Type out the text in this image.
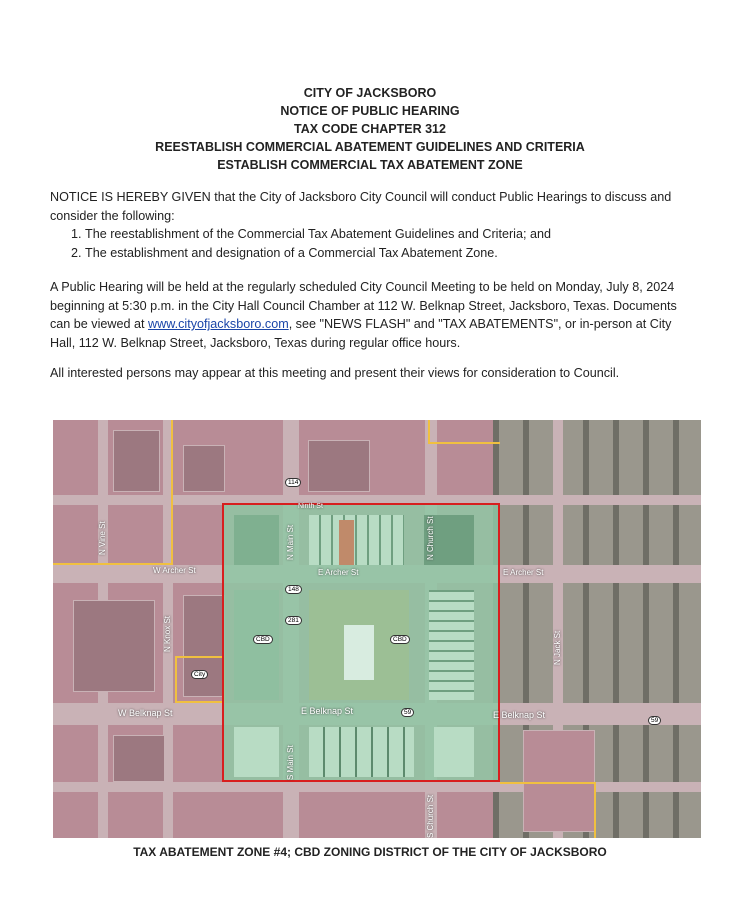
CITY OF JACKSBORO
NOTICE OF PUBLIC HEARING
TAX CODE CHAPTER 312
REESTABLISH COMMERCIAL ABATEMENT GUIDELINES AND CRITERIA
ESTABLISH COMMERCIAL TAX ABATEMENT ZONE
NOTICE IS HEREBY GIVEN that the City of Jacksboro City Council will conduct Public Hearings to discuss and consider the following:
1. The reestablishment of the Commercial Tax Abatement Guidelines and Criteria; and
2. The establishment and designation of a Commercial Tax Abatement Zone.
A Public Hearing will be held at the regularly scheduled City Council Meeting to be held on Monday, July 8, 2024 beginning at 5:30 p.m. in the City Hall Council Chamber at 112 W. Belknap Street, Jacksboro, Texas. Documents can be viewed at www.cityofjacksboro.com, see "NEWS FLASH" and "TAX ABATEMENTS", or in-person at City Hall, 112 W. Belknap Street, Jacksboro, Texas during regular office hours.
All interested persons may appear at this meeting and present their views for consideration to Council.
W Archer St	E Archer St	E Archer St
W Belknap St	E Belknap St	E Belknap St
Ninth St
N Main St
S Main St
N Church St
S Church St
N Knox St	N Jack St
N Vine St
114
148
281
59
59
CBD	CBD
City
TAX ABATEMENT ZONE #4; CBD ZONING DISTRICT OF THE CITY OF JACKSBORO
